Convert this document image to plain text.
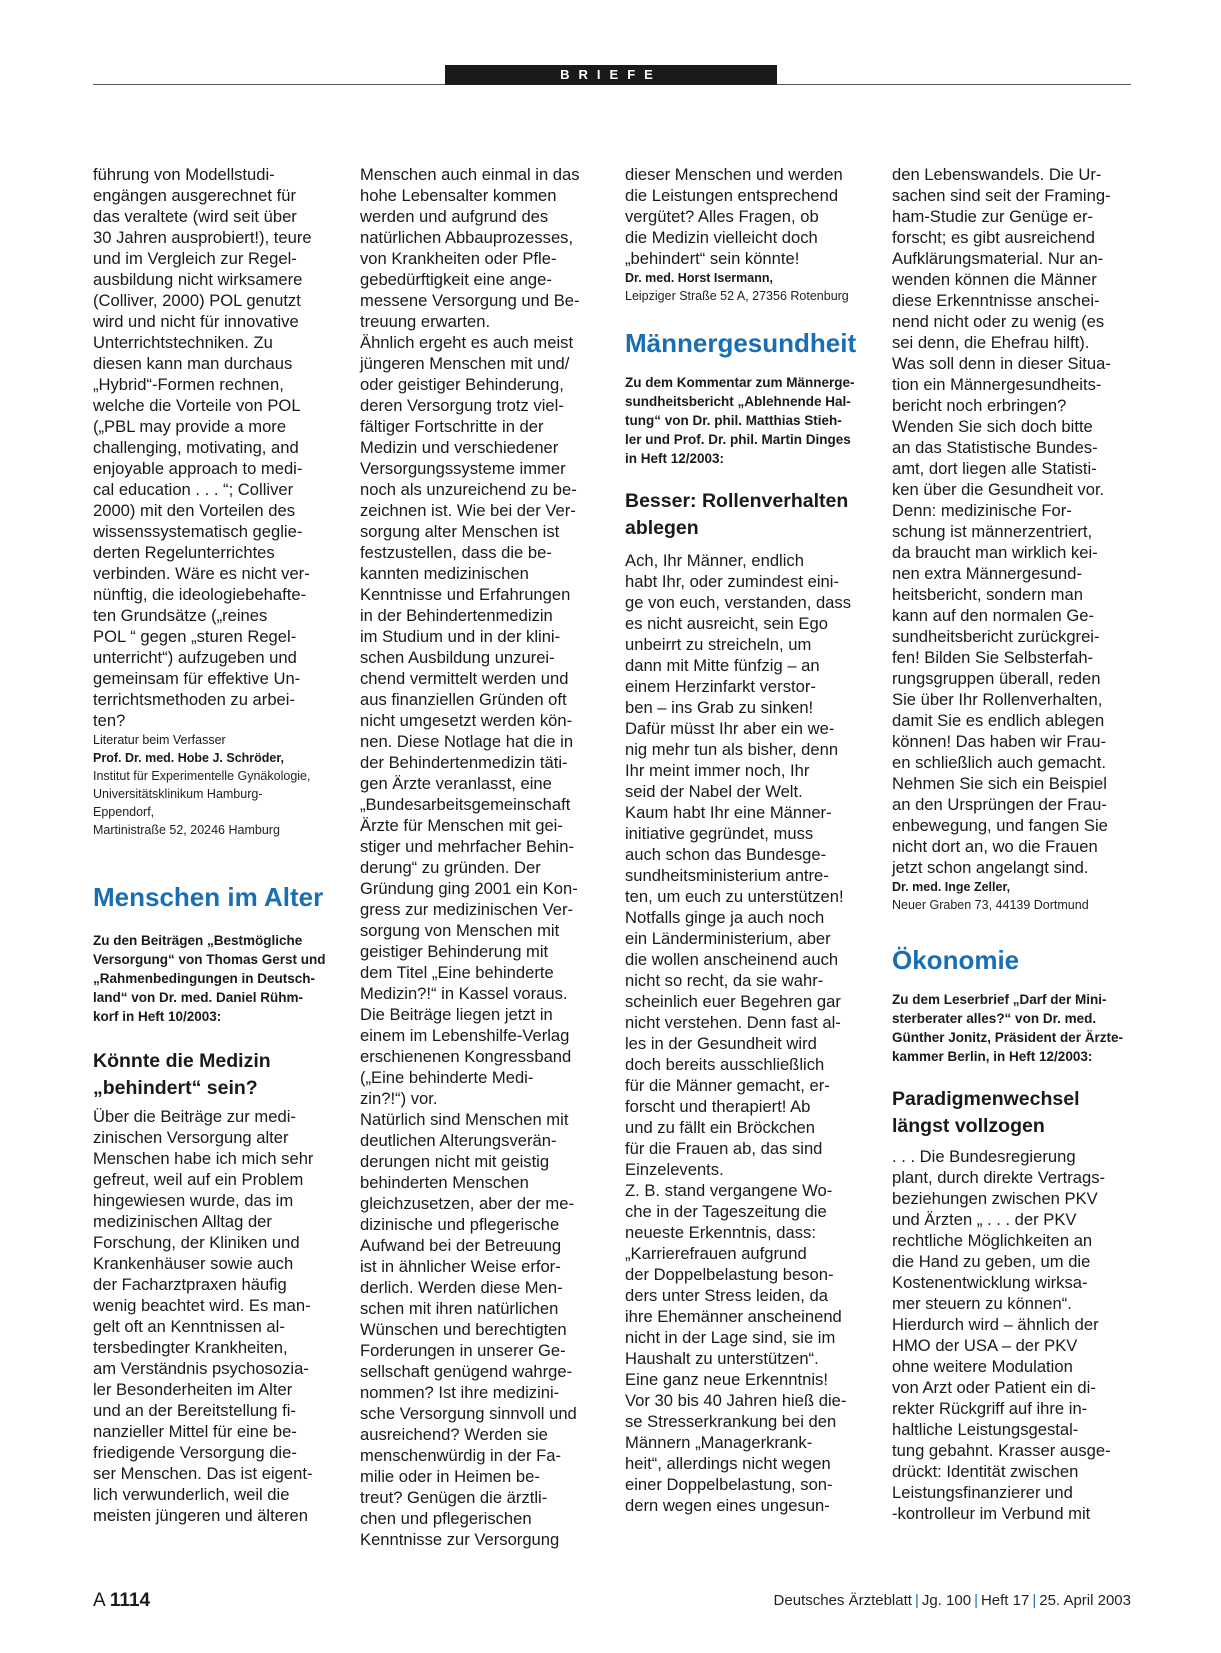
BRIEFE

führung von Modellstudi-
engängen ausgerechnet für
das veraltete (wird seit über
30 Jahren ausprobiert!), teure
und im Vergleich zur Regel-
ausbildung nicht wirksamere
(Colliver, 2000) POL genutzt
wird und nicht für innovative
Unterrichtstechniken. Zu
diesen kann man durchaus
„Hybrid“-Formen rechnen,
welche die Vorteile von POL
(„PBL may provide a more
challenging, motivating, and
enjoyable approach to medi-
cal education . . . “; Colliver
2000) mit den Vorteilen des
wissenssystematisch geglie-
derten Regelunterrichtes
verbinden. Wäre es nicht ver-
nünftig, die ideologiebehafte-
ten Grundsätze („reines
POL “ gegen „sturen Regel-
unterricht“) aufzugeben und
gemeinsam für effektive Un-
terrichtsmethoden zu arbei-
ten?

Literatur beim Verfasser

Prof. Dr. med. Hobe J. Schröder,

Institut für Experimentelle Gynäkologie,
Universitätsklinikum Hamburg-
Eppendorf,
Martinistraße 52, 20246 Hamburg

Menschen im Alter

Zu den Beiträgen „Bestmögliche
Versorgung“ von Thomas Gerst und
„Rahmenbedingungen in Deutsch-
land“ von Dr. med. Daniel Rühm-
korf in Heft 10/2003:

Könnte die Medizin
„behindert“ sein?

Über die Beiträge zur medi-
zinischen Versorgung alter
Menschen habe ich mich sehr
gefreut, weil auf ein Problem
hingewiesen wurde, das im
medizinischen Alltag der
Forschung, der Kliniken und
Krankenhäuser sowie auch
der Facharztpraxen häufig
wenig beachtet wird. Es man-
gelt oft an Kenntnissen al-
tersbedingter Krankheiten,
am Verständnis psychosozia-
ler Besonderheiten im Alter
und an der Bereitstellung fi-
nanzieller Mittel für eine be-
friedigende Versorgung die-
ser Menschen. Das ist eigent-
lich verwunderlich, weil die
meisten jüngeren und älteren

Menschen auch einmal in das
hohe Lebensalter kommen
werden und aufgrund des
natürlichen Abbauprozesses,
von Krankheiten oder Pfle-
gebedürftigkeit eine ange-
messene Versorgung und Be-
treuung erwarten.
Ähnlich ergeht es auch meist
jüngeren Menschen mit und/
oder geistiger Behinderung,
deren Versorgung trotz viel-
fältiger Fortschritte in der
Medizin und verschiedener
Versorgungssysteme immer
noch als unzureichend zu be-
zeichnen ist. Wie bei der Ver-
sorgung alter Menschen ist
festzustellen, dass die be-
kannten medizinischen
Kenntnisse und Erfahrungen
in der Behindertenmedizin
im Studium und in der klini-
schen Ausbildung unzurei-
chend vermittelt werden und
aus finanziellen Gründen oft
nicht umgesetzt werden kön-
nen. Diese Notlage hat die in
der Behindertenmedizin täti-
gen Ärzte veranlasst, eine
„Bundesarbeitsgemeinschaft
Ärzte für Menschen mit gei-
stiger und mehrfacher Behin-
derung“ zu gründen. Der
Gründung ging 2001 ein Kon-
gress zur medizinischen Ver-
sorgung von Menschen mit
geistiger Behinderung mit
dem Titel „Eine behinderte
Medizin?!“ in Kassel voraus.
Die Beiträge liegen jetzt in
einem im Lebenshilfe-Verlag
erschienenen Kongressband
(„Eine behinderte Medi-
zin?!“) vor.
Natürlich sind Menschen mit
deutlichen Alterungsverän-
derungen nicht mit geistig
behinderten Menschen
gleichzusetzen, aber der me-
dizinische und pflegerische
Aufwand bei der Betreuung
ist in ähnlicher Weise erfor-
derlich. Werden diese Men-
schen mit ihren natürlichen
Wünschen und berechtigten
Forderungen in unserer Ge-
sellschaft genügend wahrge-
nommen? Ist ihre medizini-
sche Versorgung sinnvoll und
ausreichend? Werden sie
menschenwürdig in der Fa-
milie oder in Heimen be-
treut? Genügen die ärztli-
chen und pflegerischen
Kenntnisse zur Versorgung

dieser Menschen und werden
die Leistungen entsprechend
vergütet? Alles Fragen, ob
die Medizin vielleicht doch
„behindert“ sein könnte!

Dr. med. Horst Isermann,

Leipziger Straße 52 A, 27356 Rotenburg

Männergesundheit

Zu dem Kommentar zum Männerge-
sundheitsbericht „Ablehnende Hal-
tung“ von Dr. phil. Matthias Stieh-
ler und Prof. Dr. phil. Martin Dinges
in Heft 12/2003:

Besser: Rollenverhalten
ablegen

Ach, Ihr Männer, endlich
habt Ihr, oder zumindest eini-
ge von euch, verstanden, dass
es nicht ausreicht, sein Ego
unbeirrt zu streicheln, um
dann mit Mitte fünfzig – an
einem Herzinfarkt verstor-
ben – ins Grab zu sinken!
Dafür müsst Ihr aber ein we-
nig mehr tun als bisher, denn
Ihr meint immer noch, Ihr
seid der Nabel der Welt.
Kaum habt Ihr eine Männer-
initiative gegründet, muss
auch schon das Bundesge-
sundheitsministerium antre-
ten, um euch zu unterstützen!
Notfalls ginge ja auch noch
ein Länderministerium, aber
die wollen anscheinend auch
nicht so recht, da sie wahr-
scheinlich euer Begehren gar
nicht verstehen. Denn fast al-
les in der Gesundheit wird
doch bereits ausschließlich
für die Männer gemacht, er-
forscht und therapiert! Ab
und zu fällt ein Bröckchen
für die Frauen ab, das sind
Einzelevents.
Z. B. stand vergangene Wo-
che in der Tageszeitung die
neueste Erkenntnis, dass:
„Karrierefrauen aufgrund
der Doppelbelastung beson-
ders unter Stress leiden, da
ihre Ehemänner anscheinend
nicht in der Lage sind, sie im
Haushalt zu unterstützen“.
Eine ganz neue Erkenntnis!
Vor 30 bis 40 Jahren hieß die-
se Stresserkrankung bei den
Männern „Managerkrank-
heit“, allerdings nicht wegen
einer Doppelbelastung, son-
dern wegen eines ungesun-

den Lebenswandels. Die Ur-
sachen sind seit der Framing-
ham-Studie zur Genüge er-
forscht; es gibt ausreichend
Aufklärungsmaterial. Nur an-
wenden können die Männer
diese Erkenntnisse anschei-
nend nicht oder zu wenig (es
sei denn, die Ehefrau hilft).
Was soll denn in dieser Situa-
tion ein Männergesundheits-
bericht noch erbringen?
Wenden Sie sich doch bitte
an das Statistische Bundes-
amt, dort liegen alle Statisti-
ken über die Gesundheit vor.
Denn: medizinische For-
schung ist männerzentriert,
da braucht man wirklich kei-
nen extra Männergesund-
heitsbericht, sondern man
kann auf den normalen Ge-
sundheitsbericht zurückgrei-
fen! Bilden Sie Selbsterfah-
rungsgruppen überall, reden
Sie über Ihr Rollenverhalten,
damit Sie es endlich ablegen
können! Das haben wir Frau-
en schließlich auch gemacht.
Nehmen Sie sich ein Beispiel
an den Ursprüngen der Frau-
enbewegung, und fangen Sie
nicht dort an, wo die Frauen
jetzt schon angelangt sind.

Dr. med. Inge Zeller,

Neuer Graben 73, 44139 Dortmund

Ökonomie

Zu dem Leserbrief „Darf der Mini-
sterberater alles?“ von Dr. med.
Günther Jonitz, Präsident der Ärzte-
kammer Berlin, in Heft 12/2003:

Paradigmenwechsel
längst vollzogen

. . . Die Bundesregierung
plant, durch direkte Vertrags-
beziehungen zwischen PKV
und Ärzten „ . . . der PKV
rechtliche Möglichkeiten an
die Hand zu geben, um die
Kostenentwicklung wirksa-
mer steuern zu können“.
Hierdurch wird – ähnlich der
HMO der USA – der PKV
ohne weitere Modulation
von Arzt oder Patient ein di-
rekter Rückgriff auf ihre in-
haltliche Leistungsgestal-
tung gebahnt. Krasser ausge-
drückt: Identität zwischen
Leistungsfinanzierer und
-kontrolleur im Verbund mit

A 1114	Deutsches Ärzteblatt | Jg. 100 | Heft 17 | 25. April 2003
